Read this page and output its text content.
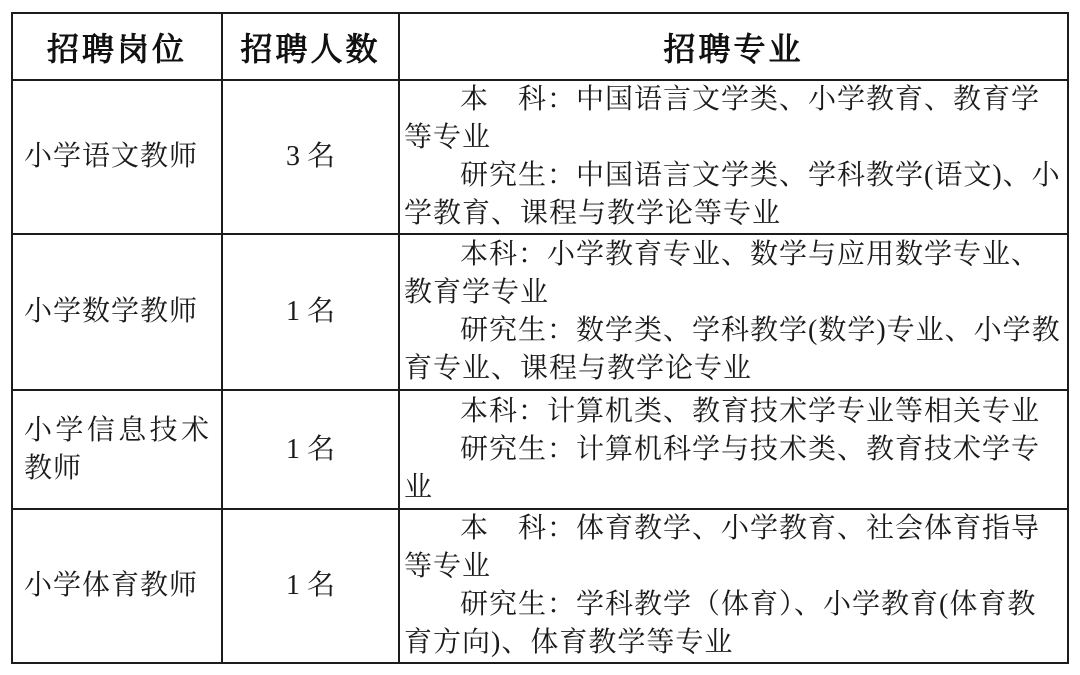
招聘岗位	招聘人数	招聘专业
小学语文教师	3 名	本　科：中国语言文学类、小学教育、教育学等专业

研究生：中国语言文学类、学科教学(语文)、小学教育、课程与教学论等专业

小学数学教师	1 名	本科：小学教育专业、数学与应用数学专业、教育学专业

研究生：数学类、学科教学(数学)专业、小学教育专业、课程与教学论专业

小学信息技术教师	1 名	本科：计算机类、教育技术学专业等相关专业

研究生：计算机科学与技术类、教育技术学专业

小学体育教师	1 名	本　科：体育教学、小学教育、社会体育指导等专业

研究生：学科教学（体育）、小学教育(体育教育方向)、体育教学等专业
